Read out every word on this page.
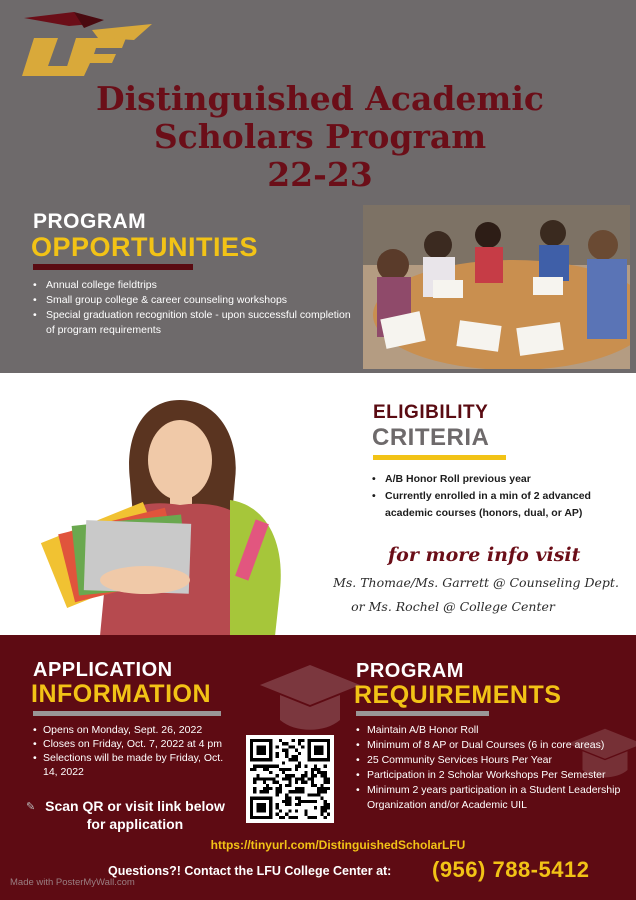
Distinguished Academic
Scholars Program

22-23
PROGRAM
OPPORTUNITIES
• Annual college fieldtrips
• Small group college & career counseling workshops
• Special graduation recognition stole - upon successful completion of program requirements
ELIGIBILITY
CRITERIA
• A/B Honor Roll previous year
• Currently enrolled in a min of 2 advanced academic courses (honors, dual, or AP)
for more info visit
Ms. Thomae/Ms. Garrett @ Counseling Dept.
or Ms. Rochel @ College Center
APPLICATION
INFORMATION
• Opens on Monday, Sept. 26, 2022
• Closes on Friday, Oct. 7, 2022 at 4 pm
• Selections will be made by Friday, Oct. 14, 2022
✎ Scan QR or visit link below
for application
PROGRAM
REQUIREMENTS
• Maintain A/B Honor Roll
• Minimum of 8 AP or Dual Courses (6 in core areas)
• 25 Community Services Hours Per Year
• Participation in 2 Scholar Workshops Per Semester
• Minimum 2 years participation in a Student Leadership Organization and/or Academic UIL
https://tinyurl.com/DistinguishedScholarLFU
Questions?! Contact the LFU College Center at: (956) 788-5412
Made with PosterMyWall.com
